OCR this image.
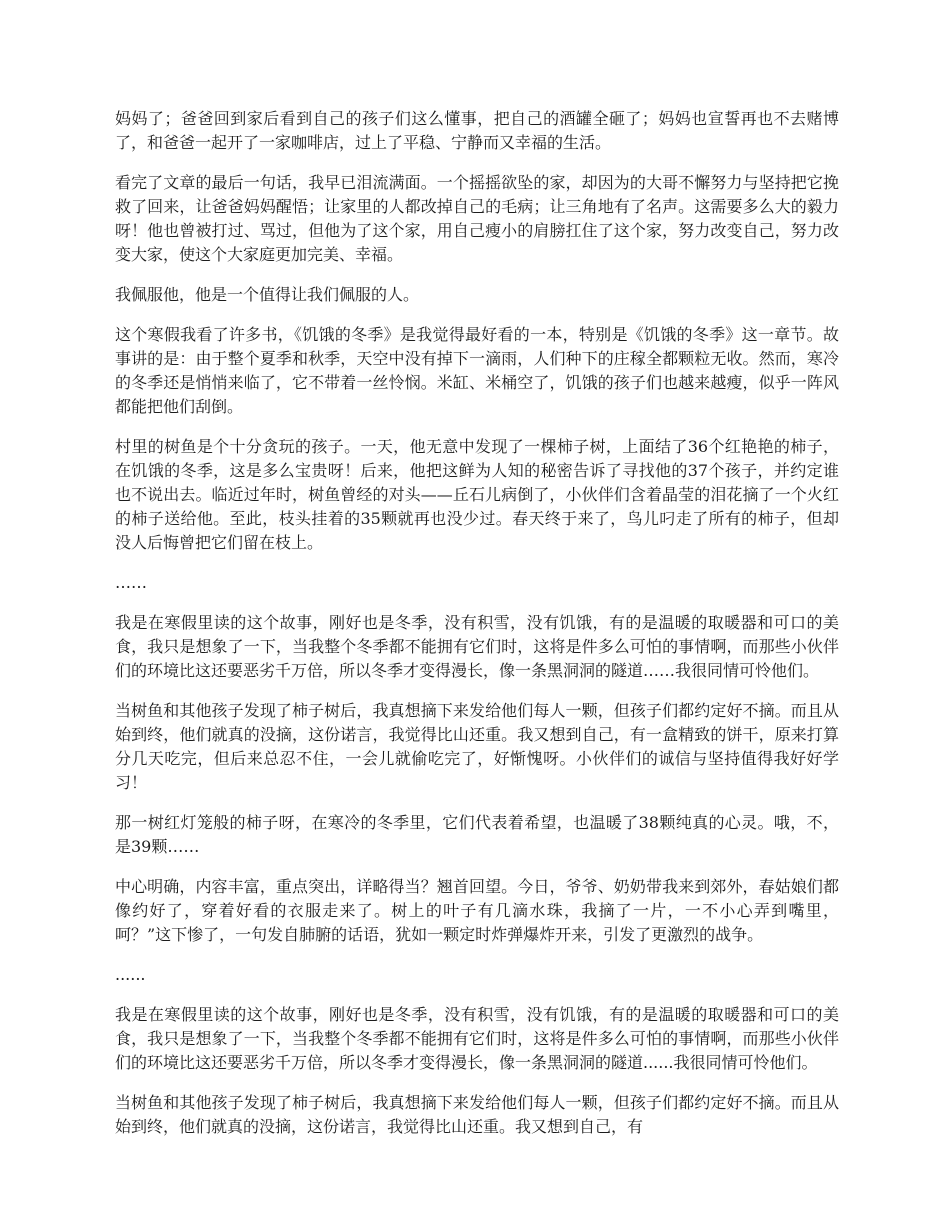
妈妈了；爸爸回到家后看到自己的孩子们这么懂事，把自己的酒罐全砸了；妈妈也宣誓再也不去赌博了，和爸爸一起开了一家咖啡店，过上了平稳、宁静而又幸福的生活。

看完了文章的最后一句话，我早已泪流满面。一个摇摇欲坠的家，却因为的大哥不懈努力与坚持把它挽救了回来，让爸爸妈妈醒悟；让家里的人都改掉自己的毛病；让三角地有了名声。这需要多么大的毅力呀！他也曾被打过、骂过，但他为了这个家，用自己瘦小的肩膀扛住了这个家，努力改变自己，努力改变大家，使这个大家庭更加完美、幸福。

我佩服他，他是一个值得让我们佩服的人。

这个寒假我看了许多书，《饥饿的冬季》是我觉得最好看的一本，特别是《饥饿的冬季》这一章节。故事讲的是：由于整个夏季和秋季，天空中没有掉下一滴雨，人们种下的庄稼全都颗粒无收。然而，寒冷的冬季还是悄悄来临了，它不带着一丝怜悯。米缸、米桶空了，饥饿的孩子们也越来越瘦，似乎一阵风都能把他们刮倒。

村里的树鱼是个十分贪玩的孩子。一天，他无意中发现了一棵柿子树，上面结了36个红艳艳的柿子，在饥饿的冬季，这是多么宝贵呀！后来，他把这鲜为人知的秘密告诉了寻找他的37个孩子，并约定谁也不说出去。临近过年时，树鱼曾经的对头——丘石儿病倒了，小伙伴们含着晶莹的泪花摘了一个火红的柿子送给他。至此，枝头挂着的35颗就再也没少过。春天终于来了，鸟儿叼走了所有的柿子，但却没人后悔曾把它们留在枝上。

……

我是在寒假里读的这个故事，刚好也是冬季，没有积雪，没有饥饿，有的是温暖的取暖器和可口的美食，我只是想象了一下，当我整个冬季都不能拥有它们时，这将是件多么可怕的事情啊，而那些小伙伴们的环境比这还要恶劣千万倍，所以冬季才变得漫长，像一条黑洞洞的隧道……我很同情可怜他们。

当树鱼和其他孩子发现了柿子树后，我真想摘下来发给他们每人一颗，但孩子们都约定好不摘。而且从始到终，他们就真的没摘，这份诺言，我觉得比山还重。我又想到自己，有一盒精致的饼干，原来打算分几天吃完，但后来总忍不住，一会儿就偷吃完了，好惭愧呀。小伙伴们的诚信与坚持值得我好好学习！

那一树红灯笼般的柿子呀，在寒冷的冬季里，它们代表着希望，也温暖了38颗纯真的心灵。哦，不，是39颗……

中心明确，内容丰富，重点突出，详略得当？翘首回望。今日，爷爷、奶奶带我来到郊外，春姑娘们都像约好了，穿着好看的衣服走来了。树上的叶子有几滴水珠，我摘了一片，一不小心弄到嘴里，呵？”这下惨了，一句发自肺腑的话语，犹如一颗定时炸弹爆炸开来，引发了更激烈的战争。

......

我是在寒假里读的这个故事，刚好也是冬季，没有积雪，没有饥饿，有的是温暖的取暖器和可口的美食，我只是想象了一下，当我整个冬季都不能拥有它们时，这将是件多么可怕的事情啊，而那些小伙伴们的环境比这还要恶劣千万倍，所以冬季才变得漫长，像一条黑洞洞的隧道......我很同情可怜他们。

当树鱼和其他孩子发现了柿子树后，我真想摘下来发给他们每人一颗，但孩子们都约定好不摘。而且从始到终，他们就真的没摘，这份诺言，我觉得比山还重。我又想到自己，有
